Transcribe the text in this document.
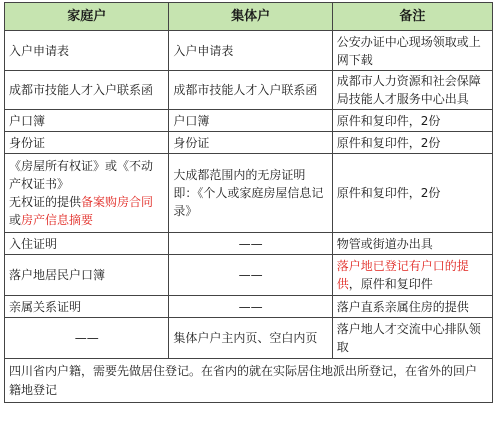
家庭户	集体户	备注
入户申请表	入户申请表	公安办证中心现场领取或上网下载
成都市技能人才入户联系函	成都市技能人才入户联系函	成都市人力资源和社会保障局技能人才服务中心出具
户口簿	户口簿	原件和复印件，2份
身份证	身份证	原件和复印件，2份
《房屋所有权证》或《不动产权证书》
无权证的提供备案购房合同
或房产信息摘要	大成都范围内的无房证明即：《个人或家庭房屋信息记录》	原件和复印件，2份
入住证明	——	物管或街道办出具
落户地居民户口簿	——	落户地已登记有户口的提供，原件和复印件
亲属关系证明	——	落户直系亲属住房的提供
——	集体户户主内页、空白内页	落户地人才交流中心排队领取
四川省内户籍，需要先做居住登记。在省内的就在实际居住地派出所登记，在省外的回户籍地登记		
